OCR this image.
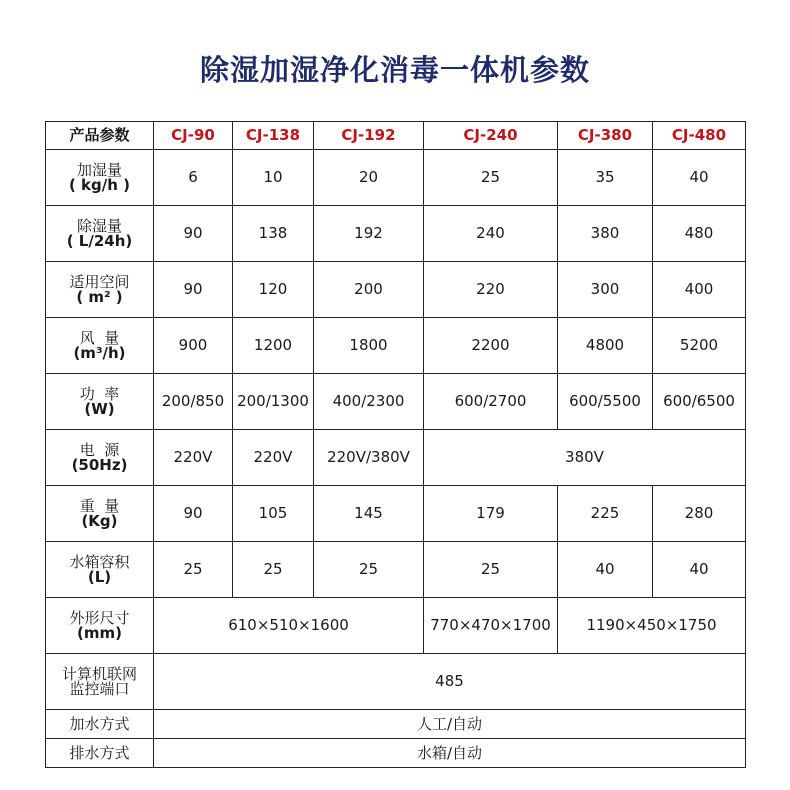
除湿加湿净化消毒一体机参数
产品参数	CJ-90	CJ-138	CJ-192	CJ-240	CJ-380	CJ-480

加湿量
( kg/h )	6	10	20	25	35	40

除湿量
( L/24h)	90	138	192	240	380	480

适用空间
( m² )	90	120	200	220	300	400

风  量
(m³/h)	900	1200	1800	2200	4800	5200

功  率
(W)	200/850	200/1300	400/2300	600/2700	600/5500	600/6500

电  源
(50Hz)	220V	220V	220V/380V	380V		

重  量
(Kg)	90	105	145	179	225	280

水箱容积
(L)	25	25	25	25	40	40

外形尺寸
(mm)	610×510×1600			770×470×1700	1190×450×1750	

计算机联网
监控端口	485					
加水方式	人工/自动					
排水方式	水箱/自动					
